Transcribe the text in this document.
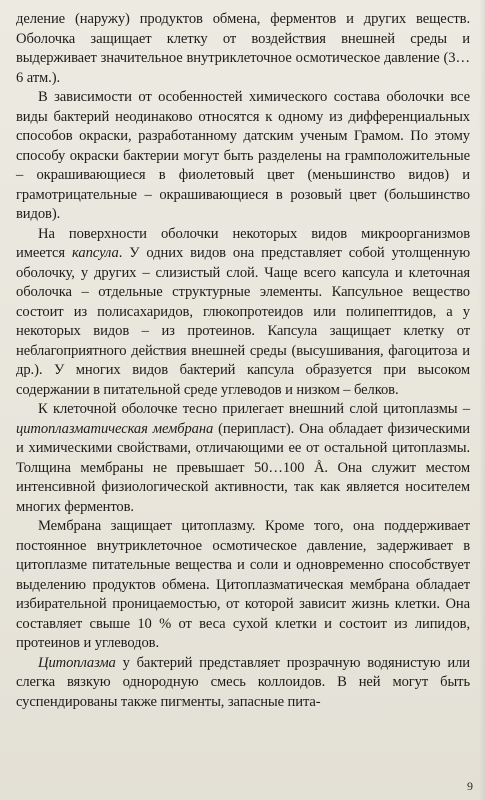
деление (наружу) продуктов обмена, ферментов и других веществ. Оболочка защищает клетку от воздействия внешней среды и выдерживает значительное внутриклеточное осмотическое давление (3…6 атм.).

В зависимости от особенностей химического состава оболочки все виды бактерий неодинаково относятся к одному из дифференциальных способов окраски, разработанному датским ученым Грамом. По этому способу окраски бактерии могут быть разделены на грамположительные – окрашивающиеся в фиолетовый цвет (меньшинство видов) и грамотрицательные – окрашивающиеся в розовый цвет (большинство видов).

На поверхности оболочки некоторых видов микроорганизмов имеется капсула. У одних видов она представляет собой утолщенную оболочку, у других – слизистый слой. Чаще всего капсула и клеточная оболочка – отдельные структурные элементы. Капсульное вещество состоит из полисахаридов, глюкопротеидов или полипептидов, а у некоторых видов – из протеинов. Капсула защищает клетку от неблагоприятного действия внешней среды (высушивания, фагоцитоза и др.). У многих видов бактерий капсула образуется при высоком содержании в питательной среде углеводов и низком – белков.

К клеточной оболочке тесно прилегает внешний слой цитоплазмы – цитоплазматическая мембрана (перипласт). Она обладает физическими и химическими свойствами, отличающими ее от остальной цитоплазмы. Толщина мембраны не превышает 50…100 Å. Она служит местом интенсивной физиологической активности, так как является носителем многих ферментов.

Мембрана защищает цитоплазму. Кроме того, она поддерживает постоянное внутриклеточное осмотическое давление, задерживает в цитоплазме питательные вещества и соли и одновременно способствует выделению продуктов обмена. Цитоплазматическая мембрана обладает избирательной проницаемостью, от которой зависит жизнь клетки. Она составляет свыше 10 % от веса сухой клетки и состоит из липидов, протеинов и углеводов.

Цитоплазма у бактерий представляет прозрачную водянистую или слегка вязкую однородную смесь коллоидов. В ней могут быть суспендированы также пигменты, запасные пита-

9
